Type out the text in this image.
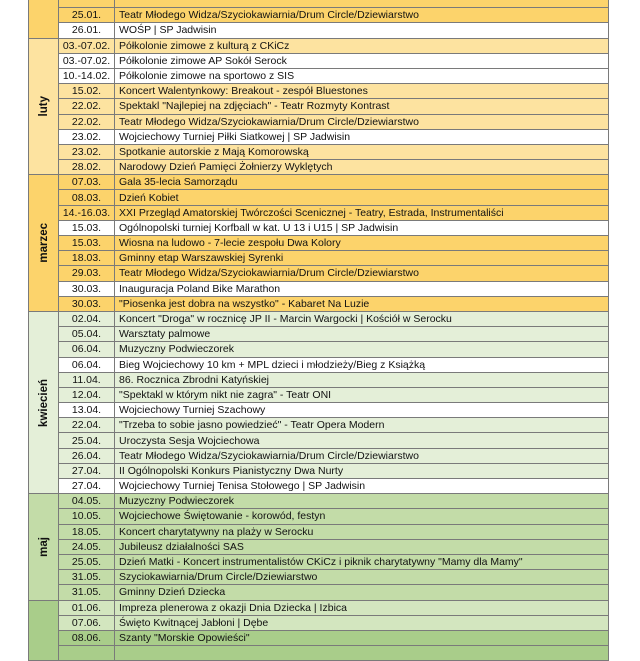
25.01.	Teatr Młodego Widza/Szyciokawiarnia/Drum Circle/Dziewiarstwo
26.01.	WOŚP | SP Jadwisin
luty
03.-07.02. Półkolonie zimowe z kulturą z CKiCz
03.-07.02. Półkolonie zimowe AP Sokół Serock
10.-14.02. Półkolonie zimowe na sportowo z SIS
15.02.	Koncert Walentynkowy: Breakout - zespół Bluestones
22.02.	Spektakl "Najlepiej na zdjęciach" - Teatr Rozmyty Kontrast
22.02.	Teatr Młodego Widza/Szyciokawiarnia/Drum Circle/Dziewiarstwo
23.02.	Wojciechowy Turniej Piłki Siatkowej | SP Jadwisin
23.02.	Spotkanie autorskie z Mają Komorowską
28.02.	Narodowy Dzień Pamięci Żołnierzy Wyklętych
marzec
07.03.	Gala 35-lecia Samorządu
08.03.	Dzień Kobiet
14.-16.03. XXI Przegląd Amatorskiej Twórczości Scenicznej - Teatry, Estrada, Instrumentaliści
15.03.	Ogólnopolski turniej Korfball w kat. U 13 i U15 | SP Jadwisin
15.03.	Wiosna na ludowo - 7-lecie zespołu Dwa Kolory
18.03.	Gminny etap Warszawskiej Syrenki
29.03.	Teatr Młodego Widza/Szyciokawiarnia/Drum Circle/Dziewiarstwo
30.03.	Inauguracja Poland Bike Marathon
30.03.	"Piosenka jest dobra na wszystko" - Kabaret Na Luzie
kwiecień
02.04.	Koncert "Droga" w rocznicę JP II - Marcin Wargocki | Kościół w Serocku
05.04.	Warsztaty palmowe
06.04.	Muzyczny Podwieczorek
06.04.	Bieg Wojciechowy 10 km + MPL dzieci i młodzieży/Bieg z Książką
11.04.	86. Rocznica Zbrodni Katyńskiej
12.04.	"Spektakl w którym nikt nie zagra" - Teatr ONI
13.04.	Wojciechowy Turniej Szachowy
22.04.	"Trzeba to sobie jasno powiedzieć" - Teatr Opera Modern
25.04.	Uroczysta Sesja Wojciechowa
26.04.	Teatr Młodego Widza/Szyciokawiarnia/Drum Circle/Dziewiarstwo
27.04.	II Ogólnopolski Konkurs Pianistyczny Dwa Nurty
27.04.	Wojciechowy Turniej Tenisa Stołowego | SP Jadwisin
maj
04.05.	Muzyczny Podwieczorek
10.05.	Wojciechowe Świętowanie - korowód, festyn
18.05.	Koncert charytatywny na plaży w Serocku
24.05.	Jubileusz działalności SAS
25.05.	Dzień Matki - Koncert instrumentalistów CKiCz i piknik charytatywny "Mamy dla Mamy"
31.05.	Szyciokawiarnia/Drum Circle/Dziewiarstwo
31.05.	Gminny Dzień Dziecka
01.06.	Impreza plenerowa z okazji Dnia Dziecka | Izbica
07.06.	Święto Kwitnącej Jabłoni | Dębe
08.06.	Szanty "Morskie Opowieści"
